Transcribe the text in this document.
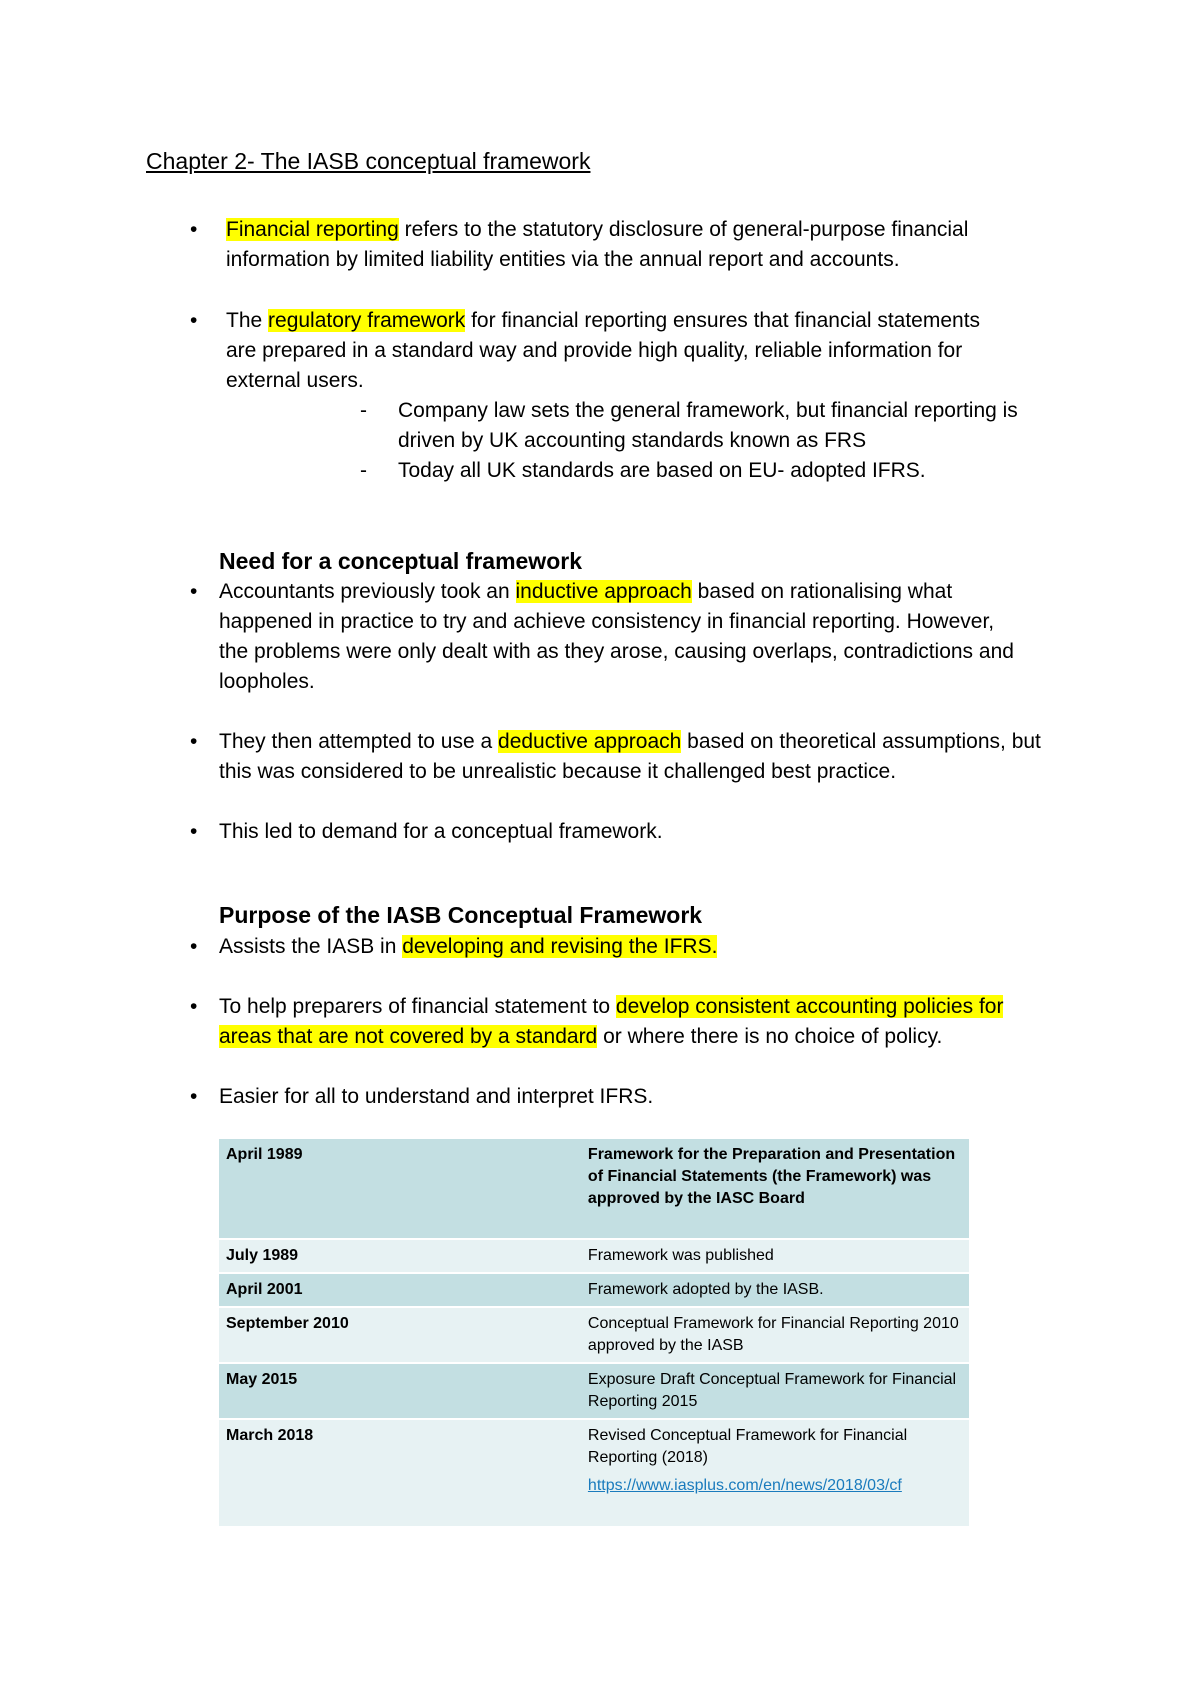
Chapter 2- The IASB conceptual framework
•	Financial reporting refers to the statutory disclosure of general-purpose financial information by limited liability entities via the annual report and accounts.
•	The regulatory framework for financial reporting ensures that financial statements are prepared in a standard way and provide high quality, reliable information for external users.
- Company law sets the general framework, but financial reporting is driven by UK accounting standards known as FRS
- Today all UK standards are based on EU- adopted IFRS.
Need for a conceptual framework
•	Accountants previously took an inductive approach based on rationalising what happened in practice to try and achieve consistency in financial reporting. However, the problems were only dealt with as they arose, causing overlaps, contradictions and loopholes.
•	They then attempted to use a deductive approach based on theoretical assumptions, but this was considered to be unrealistic because it challenged best practice.
•	This led to demand for a conceptual framework.
Purpose of the IASB Conceptual Framework
•	Assists the IASB in developing and revising the IFRS.
•	To help preparers of financial statement to develop consistent accounting policies for areas that are not covered by a standard or where there is no choice of policy.
•	Easier for all to understand and interpret IFRS.
April 1989	Framework for the Preparation and Presentation of Financial Statements (the Framework) was approved by the IASC Board
July 1989	Framework was published
April 2001	Framework adopted by the IASB.
September 2010	Conceptual Framework for Financial Reporting 2010 approved by the IASB
May 2015	Exposure Draft Conceptual Framework for Financial Reporting 2015
March 2018	Revised Conceptual Framework for Financial Reporting (2018)
https://www.iasplus.com/en/news/2018/03/cf
